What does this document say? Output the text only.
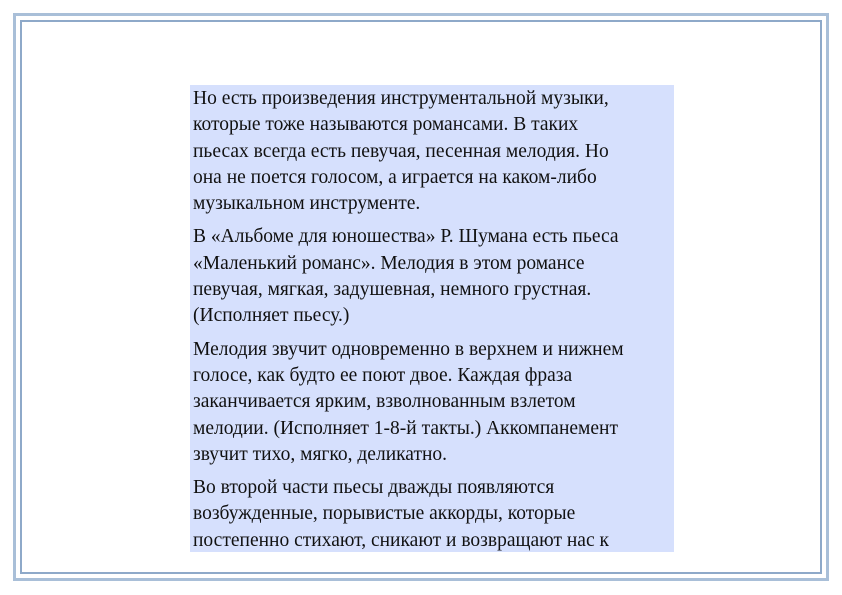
Но есть произведения инструментальной музыки,
которые тоже называются романсами. В таких
пьесах всегда есть певучая, песенная мелодия. Но
она не поется голосом, а играется на каком-либо
музыкальном инструменте.

В «Альбоме для юношества» Р. Шумана есть пьеса
«Маленький романс». Мелодия в этом романсе
певучая, мягкая, задушевная, немного грустная.
(Исполняет пьесу.)

Мелодия звучит одновременно в верхнем и нижнем
голосе, как будто ее поют двое. Каждая фраза
заканчивается ярким, взволнованным взлетом
мелодии. (Исполняет 1-8-й такты.) Аккомпанемент
звучит тихо, мягко, деликатно.

Во второй части пьесы дважды появляются
возбужденные, порывистые аккорды, которые
постепенно стихают, сникают и возвращают нас к
